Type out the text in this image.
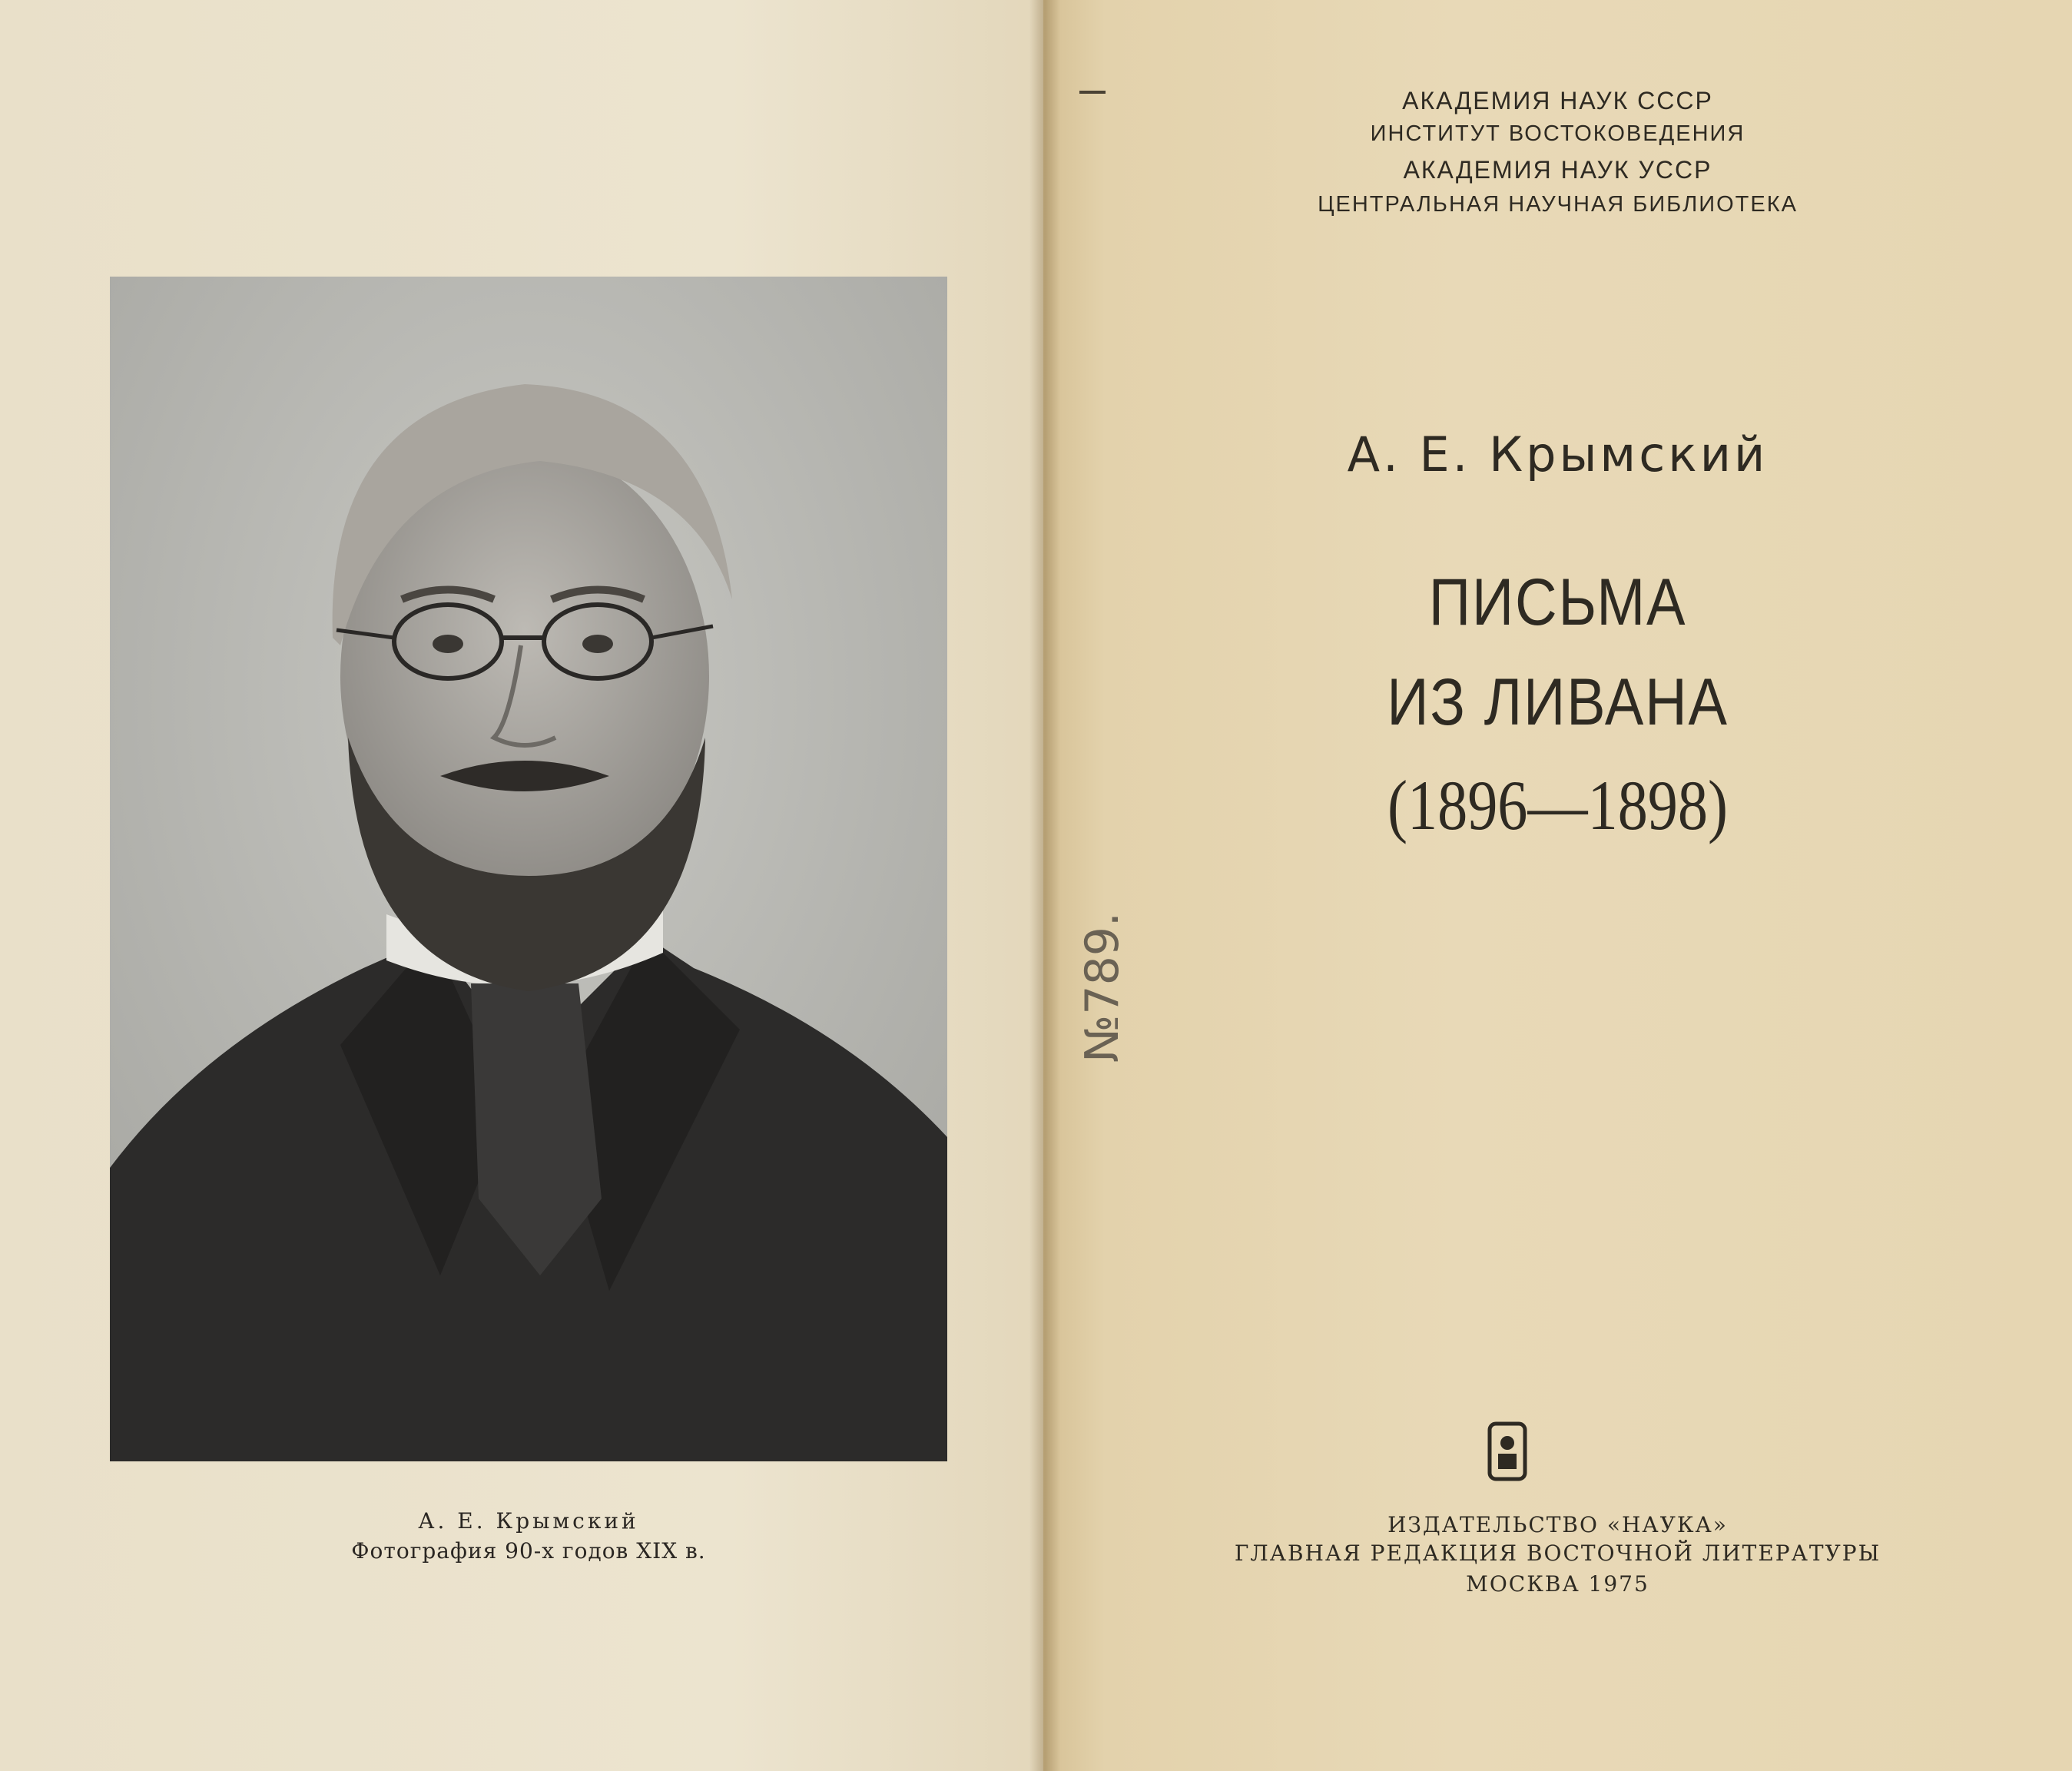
А. Е. Крымский
Фотография 90-х годов XIX в.
АКАДЕМИЯ НАУК СССР
ИНСТИТУТ ВОСТОКОВЕДЕНИЯ
АКАДЕМИЯ НАУК УССР
ЦЕНТРАЛЬНАЯ НАУЧНАЯ БИБЛИОТЕКА
А. Е. Крымский
ПИСЬМА
ИЗ ЛИВАНА
(1896—1898)
№789.
ИЗДАТЕЛЬСТВО «НАУКА»
ГЛАВНАЯ РЕДАКЦИЯ ВОСТОЧНОЙ ЛИТЕРАТУРЫ
МОСКВА 1975
